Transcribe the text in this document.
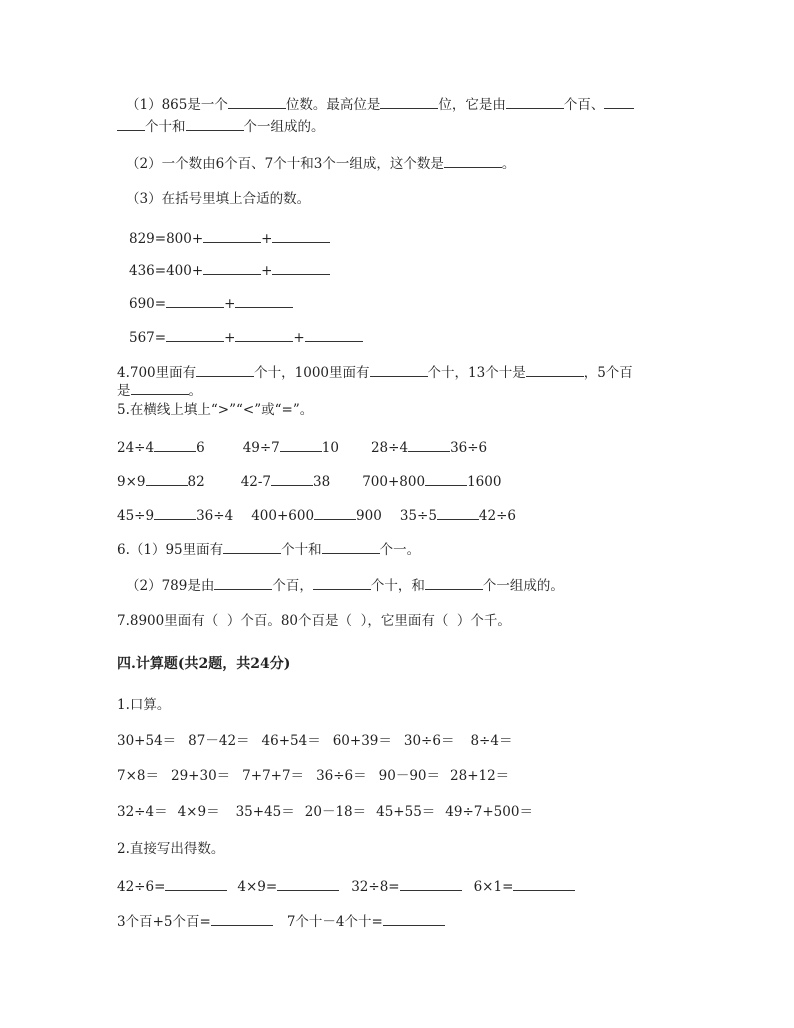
（1）865是一个	位数。最高位是	位，它是由	个百、
个十和	个一组成的。
（2）一个数由6个百、7个十和3个一组成，这个数是	。
（3）在括号里填上合适的数。
829=800+	+
436=400+	+
690=	+
567=	+	+
4.700里面有	个十，1000里面有	个十，13个十是	，5个百
是	。
5.在横线上填上“>”“<”或“=”。
24÷4	6	49÷7	10 28÷4	36÷6
9×9	82	42-7	38 700+800	1600
45÷9	36÷4 400+600	900 35÷5	42÷6
6.（1）95里面有	个十和	个一。
（2）789是由	个百，	个十，和	个一组成的。
7.8900里面有（  ）个百。80个百是（  ），它里面有（  ）个千。
四.计算题(共2题，共24分)
1.口算。
30+54＝ 87－42＝ 46+54＝ 60+39＝ 30÷6＝ 8÷4＝
7×8＝ 29+30＝ 7+7+7＝ 36÷6＝ 90－90＝ 28+12＝
32÷4＝ 4×9＝ 35+45＝ 20－18＝ 45+55＝ 49÷7+500＝
2.直接写出得数。
42÷6=	4×9=	32÷8=	6×1=
3个百+5个百=	7个十－4个十=
